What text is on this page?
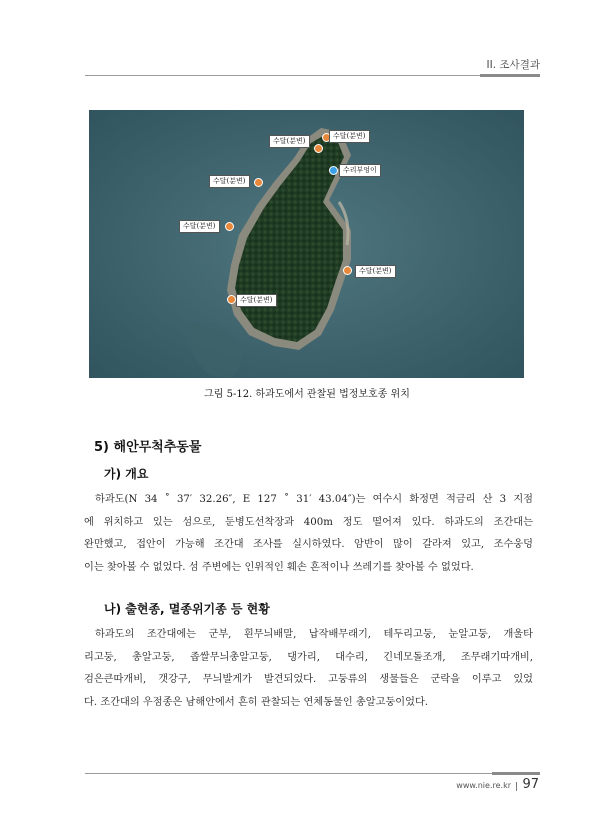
II. 조사결과
수달(분변)
수달(분변)
수리부엉이
수달(분변)
수달(분변)
수달(분변)
수달(분변)
그림 5-12. 하과도에서 관찰된 법정보호종 위치
5) 해안무척추동물
가) 개요
하과도(N 34 ˚ 37′ 32.26″, E 127 ˚ 31′ 43.04″)는 여수시 화정면 적금리 산 3 지점
에 위치하고 있는 섬으로, 둔병도선착장과 400m 정도 떨어져 있다. 하과도의 조간대는
완만했고, 접안이 가능해 조간대 조사를 실시하였다. 암반이 많이 갈라져 있고, 조수웅덩
이는 찾아볼 수 없었다. 섬 주변에는 인위적인 훼손 흔적이나 쓰레기를 찾아볼 수 없었다.
나) 출현종, 멸종위기종 등 현황
하과도의 조간대에는 군부, 흰무늬배말, 납작배무래기, 테두리고둥, 눈알고둥, 개울타
리고둥, 총알고둥, 좁쌀무늬총알고둥, 댕가리, 대수리, 긴네모돌조개, 조무래기따개비,
검은큰따개비, 갯강구, 무늬발게가 발견되었다. 고둥류의 생물들은 군락을 이루고 있었
다. 조간대의 우점종은 남해안에서 흔히 관찰되는 연체동물인 총알고둥이었다.
www.nie.re.kr 97
